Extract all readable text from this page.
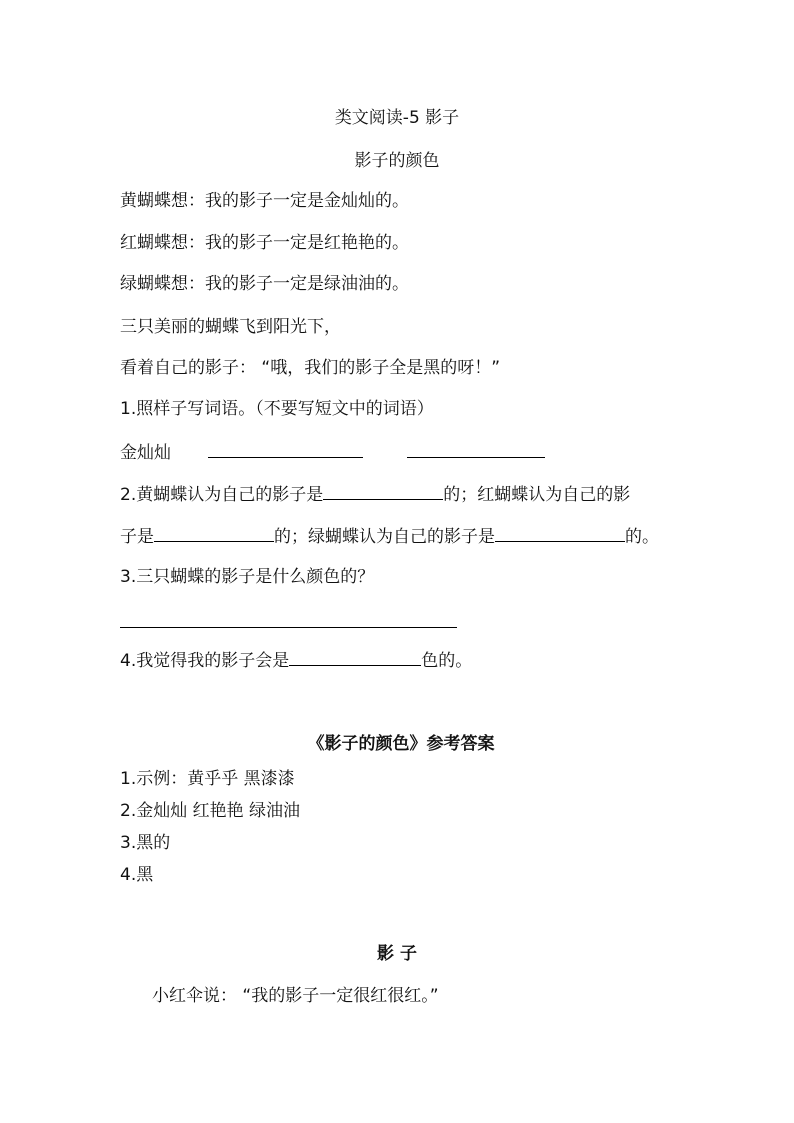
类文阅读-5 影子
影子的颜色
黄蝴蝶想：我的影子一定是金灿灿的。
红蝴蝶想：我的影子一定是红艳艳的。
绿蝴蝶想：我的影子一定是绿油油的。
三只美丽的蝴蝶飞到阳光下，
看着自己的影子： “哦，我们的影子全是黑的呀！”
1.照样子写词语。（不要写短文中的词语）
金灿灿
2.黄蝴蝶认为自己的影子是	的；红蝴蝶认为自己的影
子是	的；绿蝴蝶认为自己的影子是	的。
3.三只蝴蝶的影子是什么颜色的？
4.我觉得我的影子会是	色的。
《影子的颜色》参考答案
1.示例：黄乎乎 黑漆漆
2.金灿灿 红艳艳 绿油油
3.黑的
4.黑
影 子
小红伞说： “我的影子一定很红很红。”
